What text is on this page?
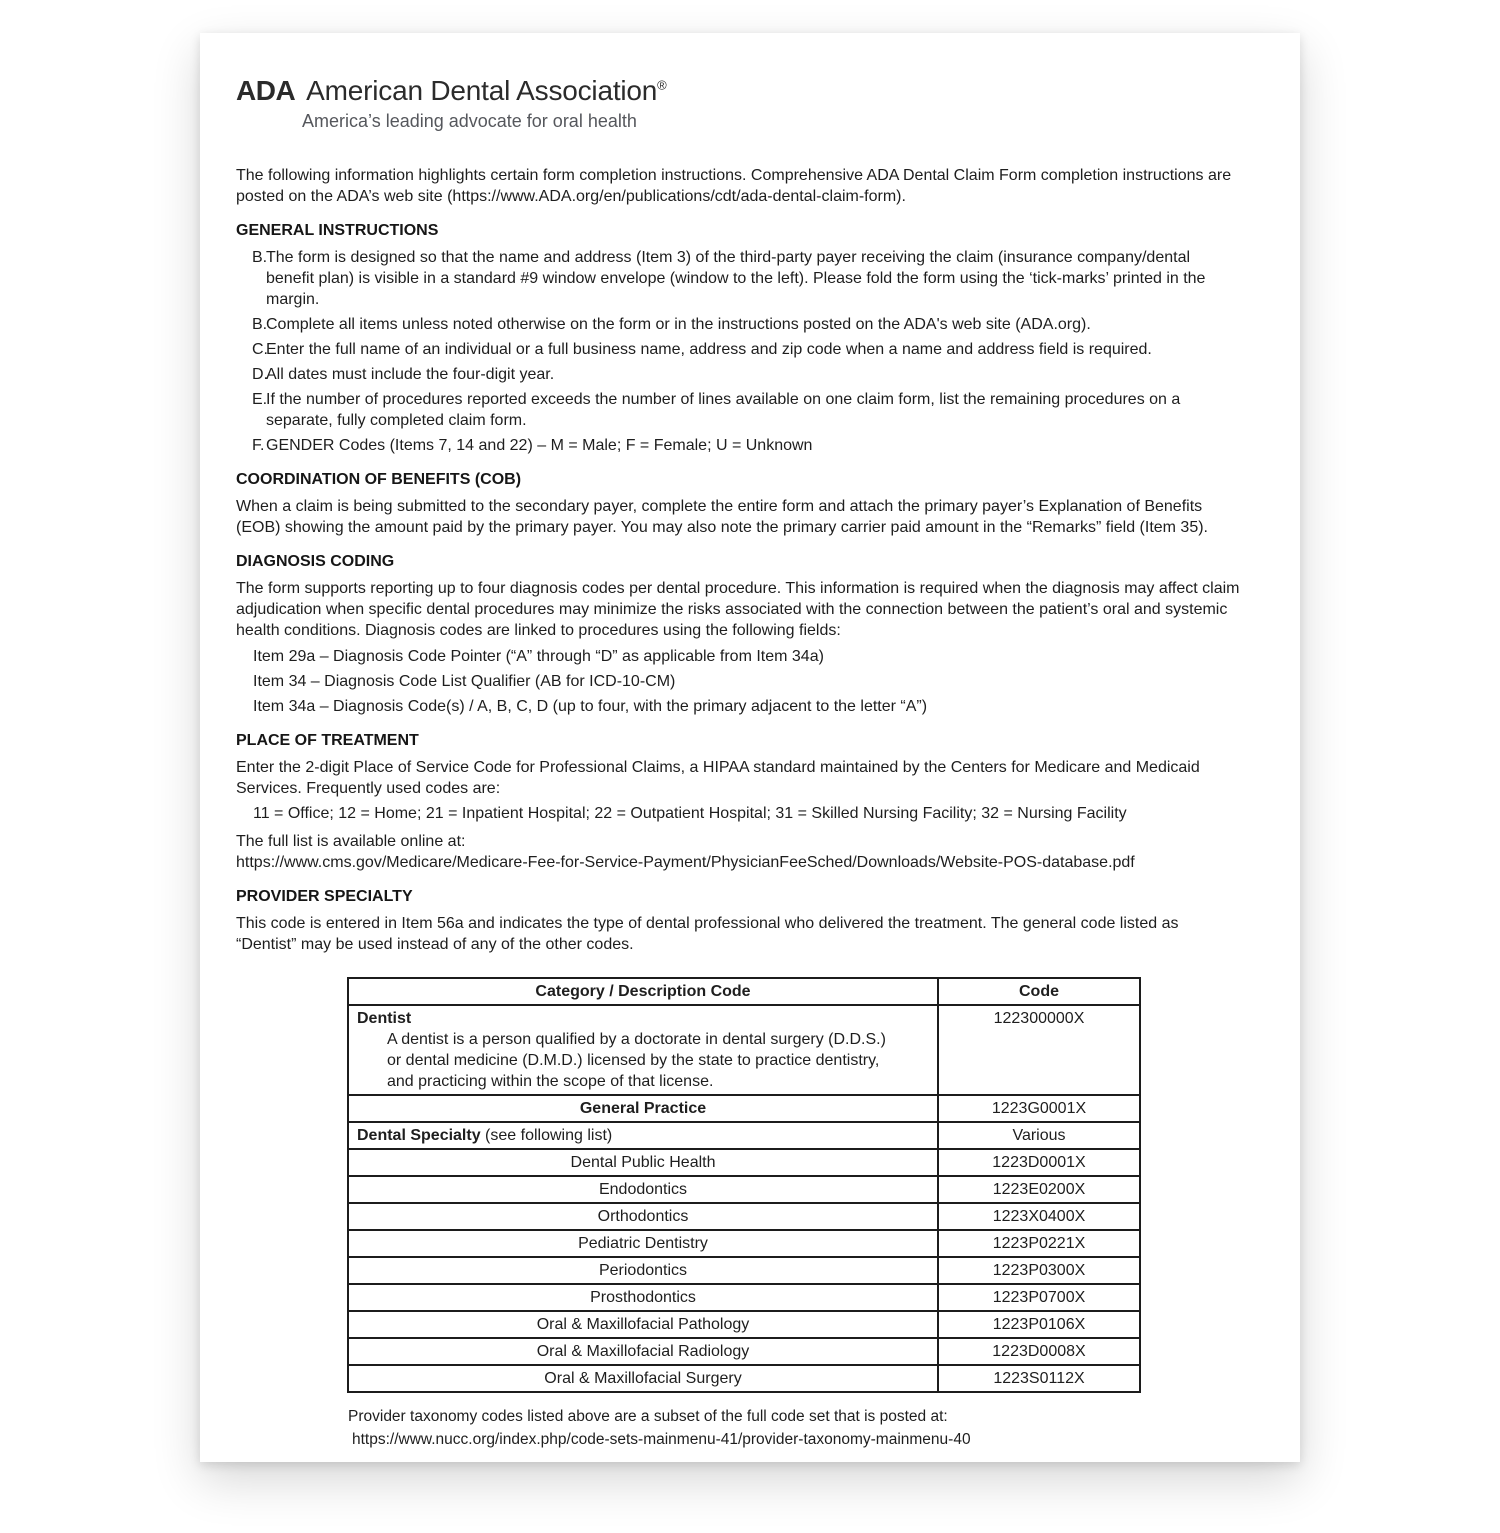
ADA American Dental Association®
America’s leading advocate for oral health

The following information highlights certain form completion instructions. Comprehensive ADA Dental Claim Form completion instructions are posted on the ADA’s web site (https://www.ADA.org/en/publications/cdt/ada-dental-claim-form).

GENERAL INSTRUCTIONS
B.
The form is designed so that the name and address (Item 3) of the third-party payer receiving the claim (insurance company/dental benefit plan) is visible in a standard #9 window envelope (window to the left). Please fold the form using the ‘tick-marks’ printed in the margin.
B.
Complete all items unless noted otherwise on the form or in the instructions posted on the ADA's web site (ADA.org).
C.
Enter the full name of an individual or a full business name, address and zip code when a name and address field is required.
D.
All dates must include the four-digit year.
E.
If the number of procedures reported exceeds the number of lines available on one claim form, list the remaining procedures on a separate, fully completed claim form.
F. GENDER Codes (Items 7, 14 and 22) – M = Male; F = Female; U = Unknown
COORDINATION OF BENEFITS (COB)

When a claim is being submitted to the secondary payer, complete the entire form and attach the primary payer’s Explanation of Benefits (EOB) showing the amount paid by the primary payer. You may also note the primary carrier paid amount in the “Remarks” field (Item 35).

DIAGNOSIS CODING

The form supports reporting up to four diagnosis codes per dental procedure. This information is required when the diagnosis may affect claim adjudication when specific dental procedures may minimize the risks associated with the connection between the patient’s oral and systemic health conditions. Diagnosis codes are linked to procedures using the following fields:

Item 29a – Diagnosis Code Pointer (“A” through “D” as applicable from Item 34a)

Item 34 – Diagnosis Code List Qualifier (AB for ICD-10-CM)

Item 34a – Diagnosis Code(s) / A, B, C, D (up to four, with the primary adjacent to the letter “A”)

PLACE OF TREATMENT

Enter the 2-digit Place of Service Code for Professional Claims, a HIPAA standard maintained by the Centers for Medicare and Medicaid Services. Frequently used codes are:

11 = Office; 12 = Home; 21 = Inpatient Hospital; 22 = Outpatient Hospital; 31 = Skilled Nursing Facility; 32 = Nursing Facility

The full list is available online at:

https://www.cms.gov/Medicare/Medicare-Fee-for-Service-Payment/PhysicianFeeSched/Downloads/Website-POS-database.pdf

PROVIDER SPECIALTY

This code is entered in Item 56a and indicates the type of dental professional who delivered the treatment. The general code listed as “Dentist” may be used instead of any of the other codes.

Category / Description Code	Code

Dentist
A dentist is a person qualified by a doctorate in dental surgery (D.D.S.)
or dental medicine (D.M.D.) licensed by the state to practice dentistry,
and practicing within the scope of that license.	122300000X
General Practice	1223G0001X
Dental Specialty (see following list)	Various
Dental Public Health	1223D0001X
Endodontics	1223E0200X
Orthodontics	1223X0400X
Pediatric Dentistry	1223P0221X
Periodontics	1223P0300X
Prosthodontics	1223P0700X
Oral & Maxillofacial Pathology	1223P0106X
Oral & Maxillofacial Radiology	1223D0008X
Oral & Maxillofacial Surgery	1223S0112X

Provider taxonomy codes listed above are a subset of the full code set that is posted at:

https://www.nucc.org/index.php/code-sets-mainmenu-41/provider-taxonomy-mainmenu-40
